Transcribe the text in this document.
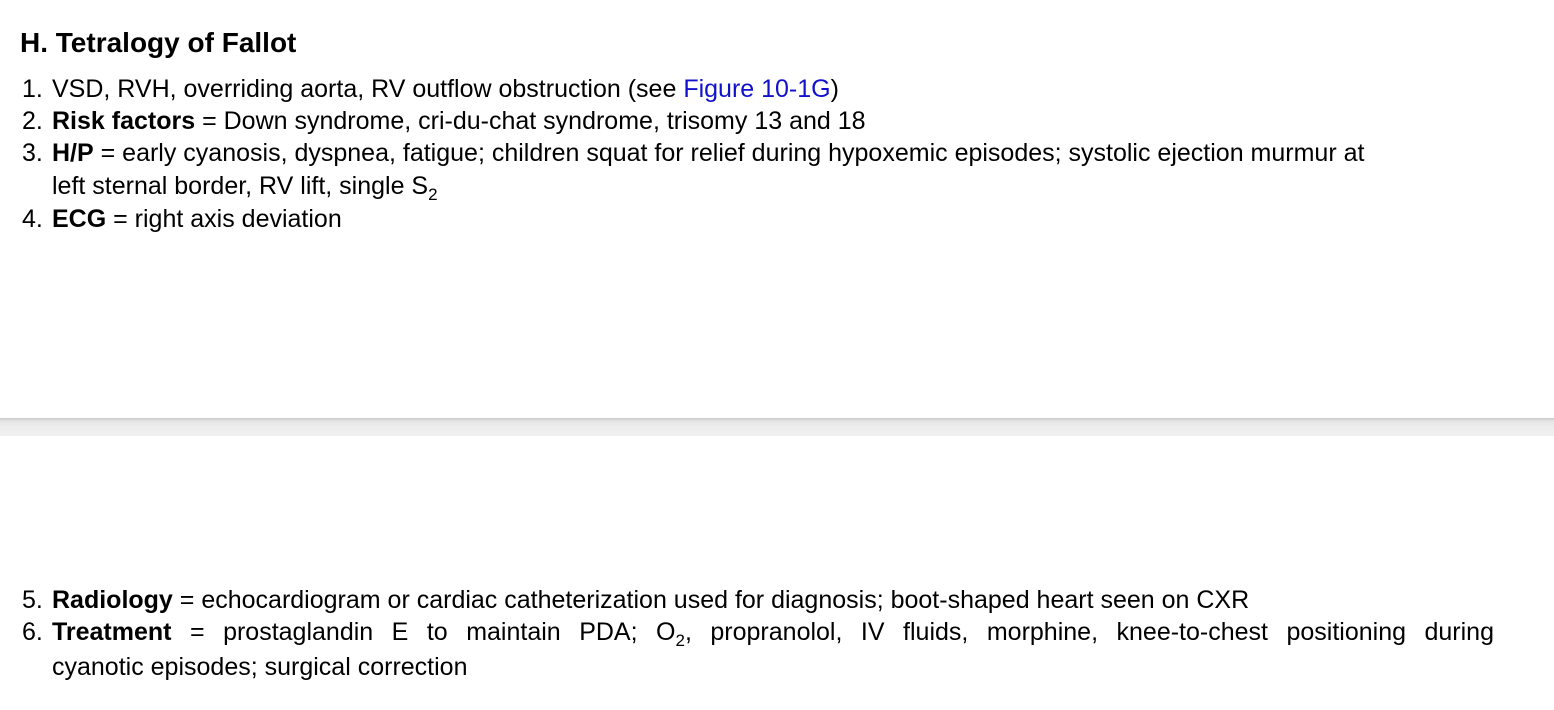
H. Tetralogy of Fallot
1. VSD, RVH, overriding aorta, RV outflow obstruction (see Figure 10-1G)
2. Risk factors = Down syndrome, cri-du-chat syndrome, trisomy 13 and 18
3. H/P = early cyanosis, dyspnea, fatigue; children squat for relief during hypoxemic episodes; systolic ejection murmur at
left sternal border, RV lift, single $S_2$
4. ECG = right axis deviation
5. Radiology = echocardiogram or cardiac catheterization used for diagnosis; boot-shaped heart seen on CXR
6. Treatment = prostaglandin E to maintain PDA; $O_2$, propranolol, IV fluids, morphine, knee-to-chest positioning during
cyanotic episodes; surgical correction
